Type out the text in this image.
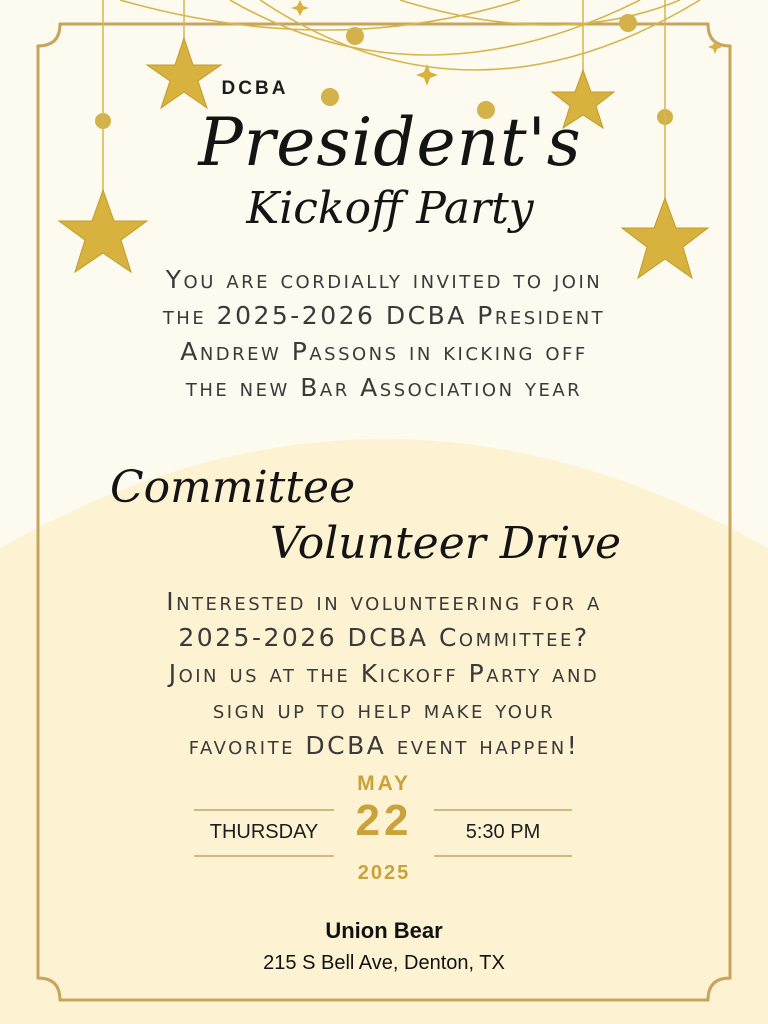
DCBA
President's
Kickoff Party
You are cordially invited to join
the 2025-2026 DCBA President
Andrew Passons in kicking off
the new Bar Association year
Committee
Volunteer Drive
Interested in volunteering for a
2025-2026 DCBA Committee?
Join us at the Kickoff Party and
sign up to help make your
favorite DCBA event happen!
MAY
22
2025
THURSDAY	5:30 PM
Union Bear
215 S Bell Ave, Denton, TX
